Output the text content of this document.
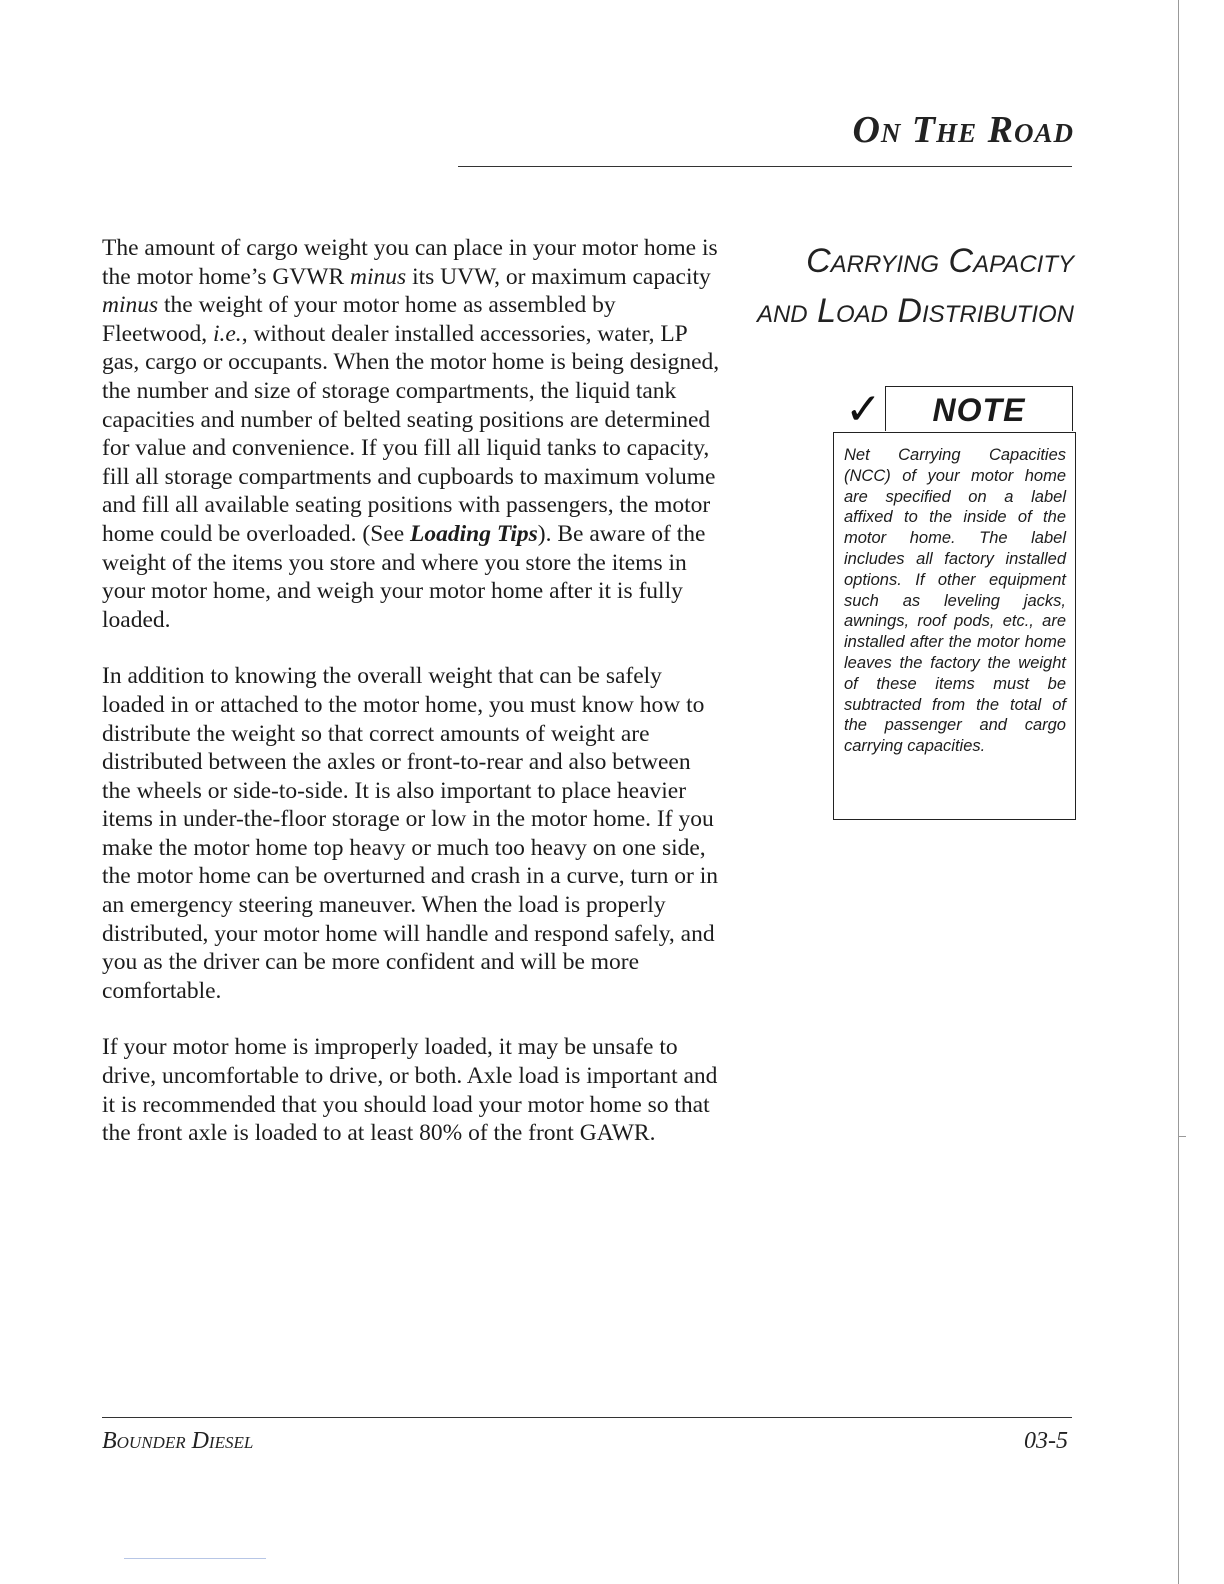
On The Road

The amount of cargo weight you can place in your motor home is the motor home’s GVWR minus its UVW, or maximum capacity minus the weight of your motor home as assembled by Fleetwood, i.e., without dealer installed accessories, water, LP gas, cargo or occupants. When the motor home is being designed, the number and size of storage compartments, the liquid tank capacities and number of belted seating positions are determined for value and convenience. If you fill all liquid tanks to capacity, fill all storage compartments and cupboards to maximum volume and fill all available seating positions with passengers, the motor home could be overloaded. (See Loading Tips). Be aware of the weight of the items you store and where you store the items in your motor home, and weigh your motor home after it is fully loaded.

In addition to knowing the overall weight that can be safely loaded in or attached to the motor home, you must know how to distribute the weight so that correct amounts of weight are distributed between the axles or front-to-rear and also between the wheels or side-to-side. It is also important to place heavier items in under-the-floor storage or low in the motor home. If you make the motor home top heavy or much too heavy on one side, the motor home can be overturned and crash in a curve, turn or in an emergency steering maneuver. When the load is properly distributed, your motor home will handle and respond safely, and you as the driver can be more confident and will be more comfortable.

If your motor home is improperly loaded, it may be unsafe to drive, uncomfortable to drive, or both. Axle load is important and it is recommended that you should load your motor home so that the front axle is loaded to at least 80% of the front GAWR.

Carrying Capacity
and Load Distribution
✓	NOTE
Net Carrying Capacities (NCC) of your motor home are specified on a label affixed to the inside of the motor home. The label includes all factory installed options. If other equipment such as leveling jacks, awnings, roof pods, etc., are installed after the motor home leaves the factory the weight of these items must be subtracted from the total of the passenger and cargo carrying capacities.
Bounder Diesel	03-5
